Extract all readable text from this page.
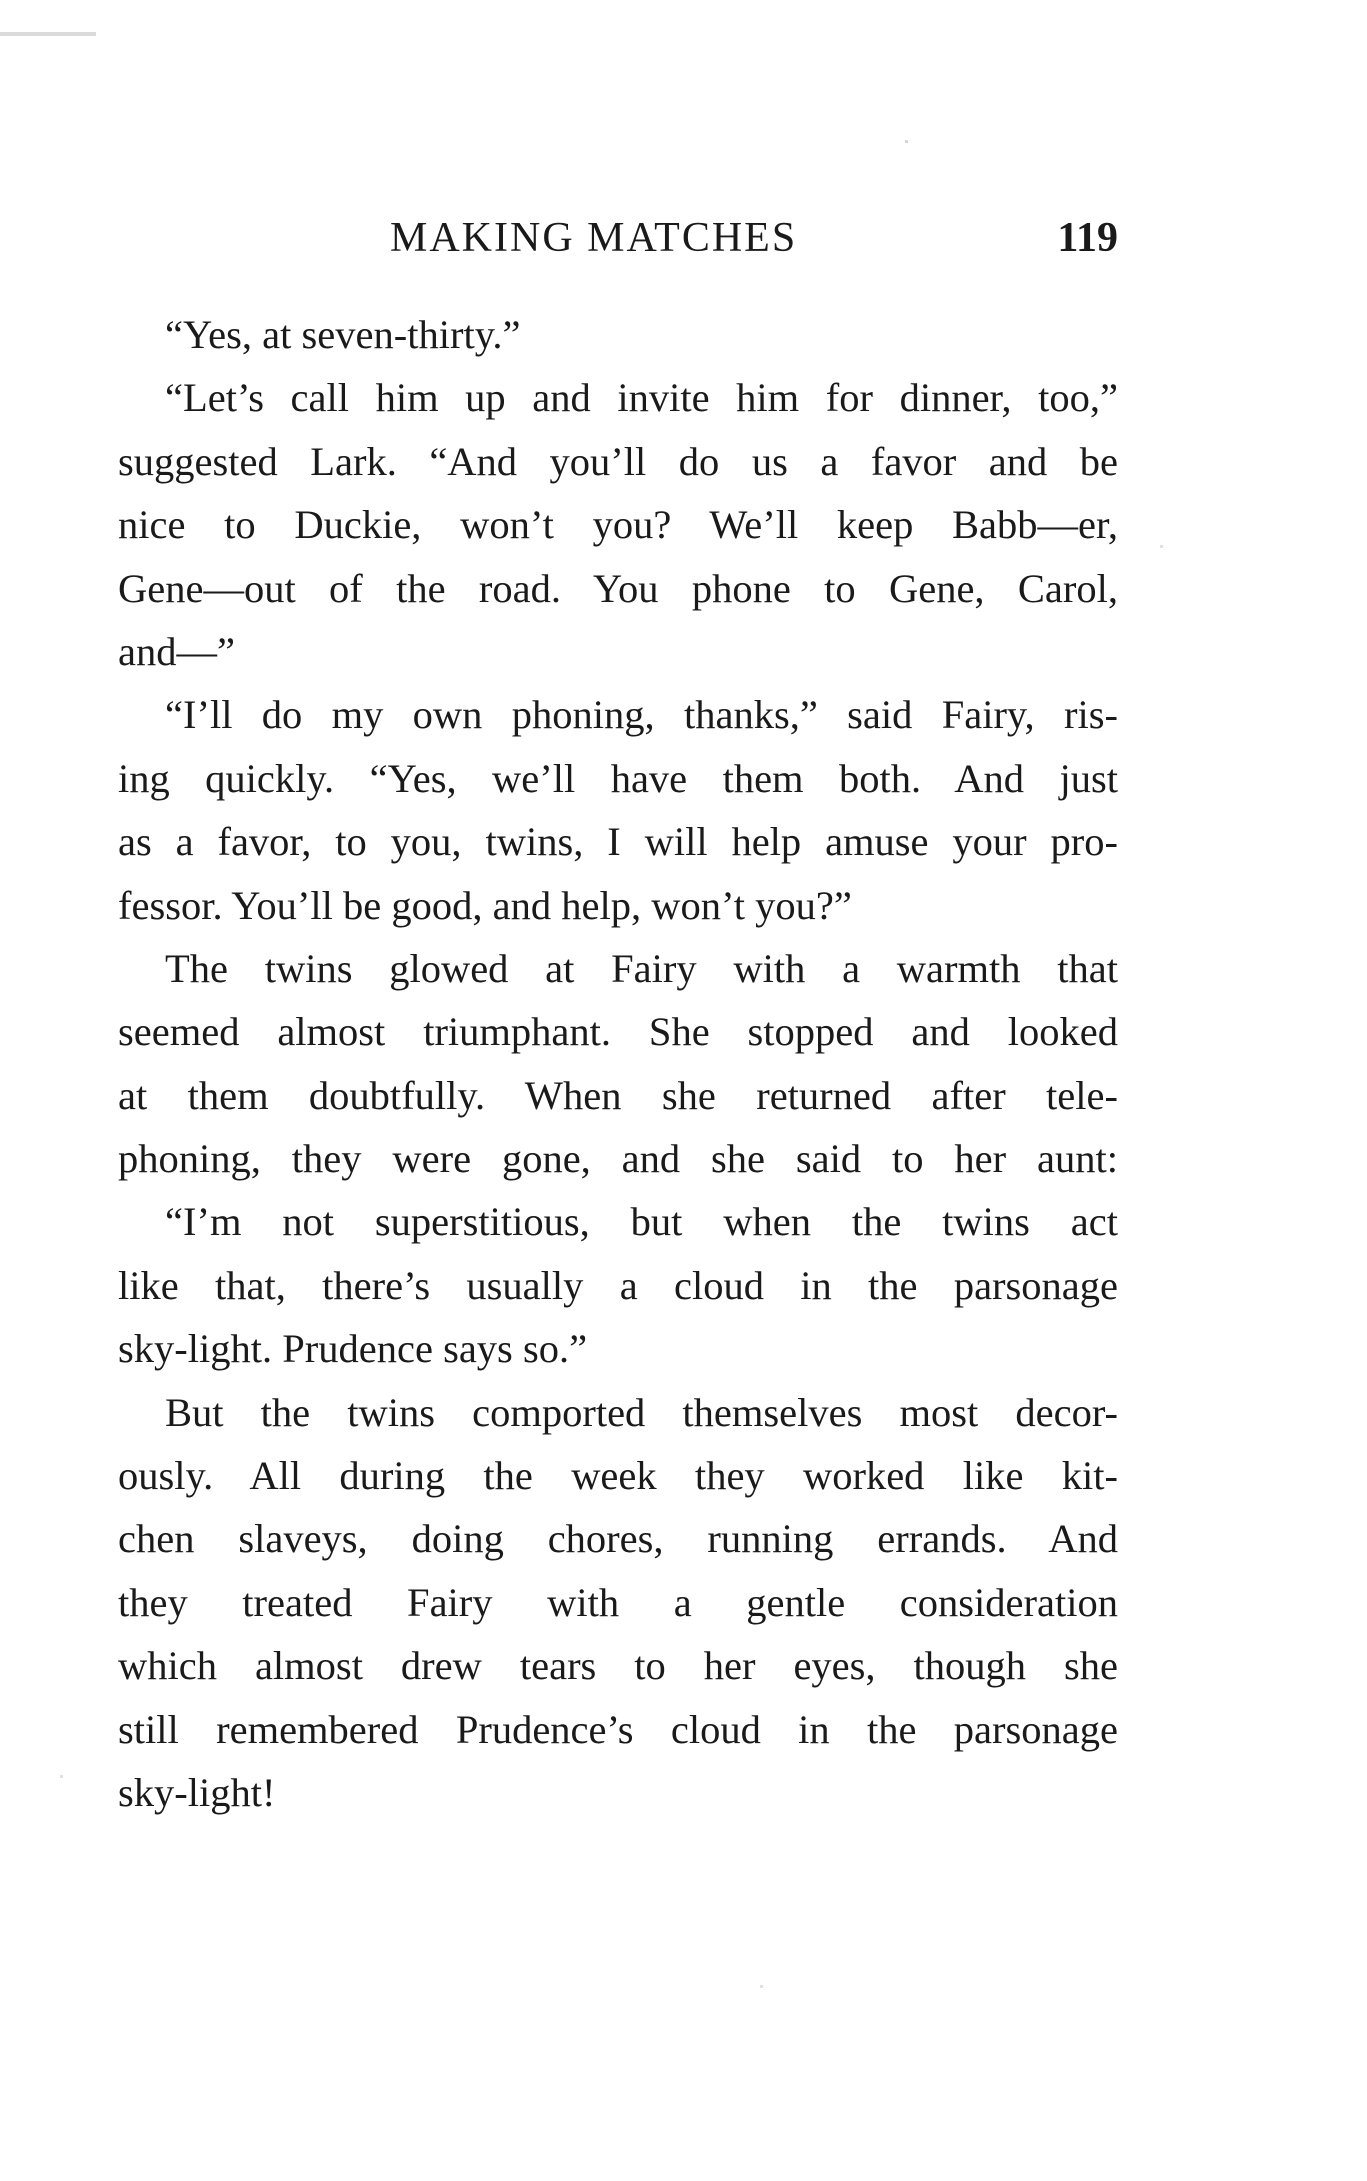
MAKING MATCHES	119
“Yes, at seven-thirty.”
“Let’s call him up and invite him for dinner, too,”
suggested Lark. “And you’ll do us a favor and be
nice to Duckie, won’t you? We’ll keep Babb—er,
Gene—out of the road. You phone to Gene, Carol,
and—”
“I’ll do my own phoning, thanks,” said Fairy, ris-
ing quickly. “Yes, we’ll have them both. And just
as a favor, to you, twins, I will help amuse your pro-
fessor. You’ll be good, and help, won’t you?”
The twins glowed at Fairy with a warmth that
seemed almost triumphant. She stopped and looked
at them doubtfully. When she returned after tele-
phoning, they were gone, and she said to her aunt:
“I’m not superstitious, but when the twins act
like that, there’s usually a cloud in the parsonage
sky-light. Prudence says so.”
But the twins comported themselves most decor-
ously. All during the week they worked like kit-
chen slaveys, doing chores, running errands. And
they treated Fairy with a gentle consideration
which almost drew tears to her eyes, though she
still remembered Prudence’s cloud in the parsonage
sky-light!
